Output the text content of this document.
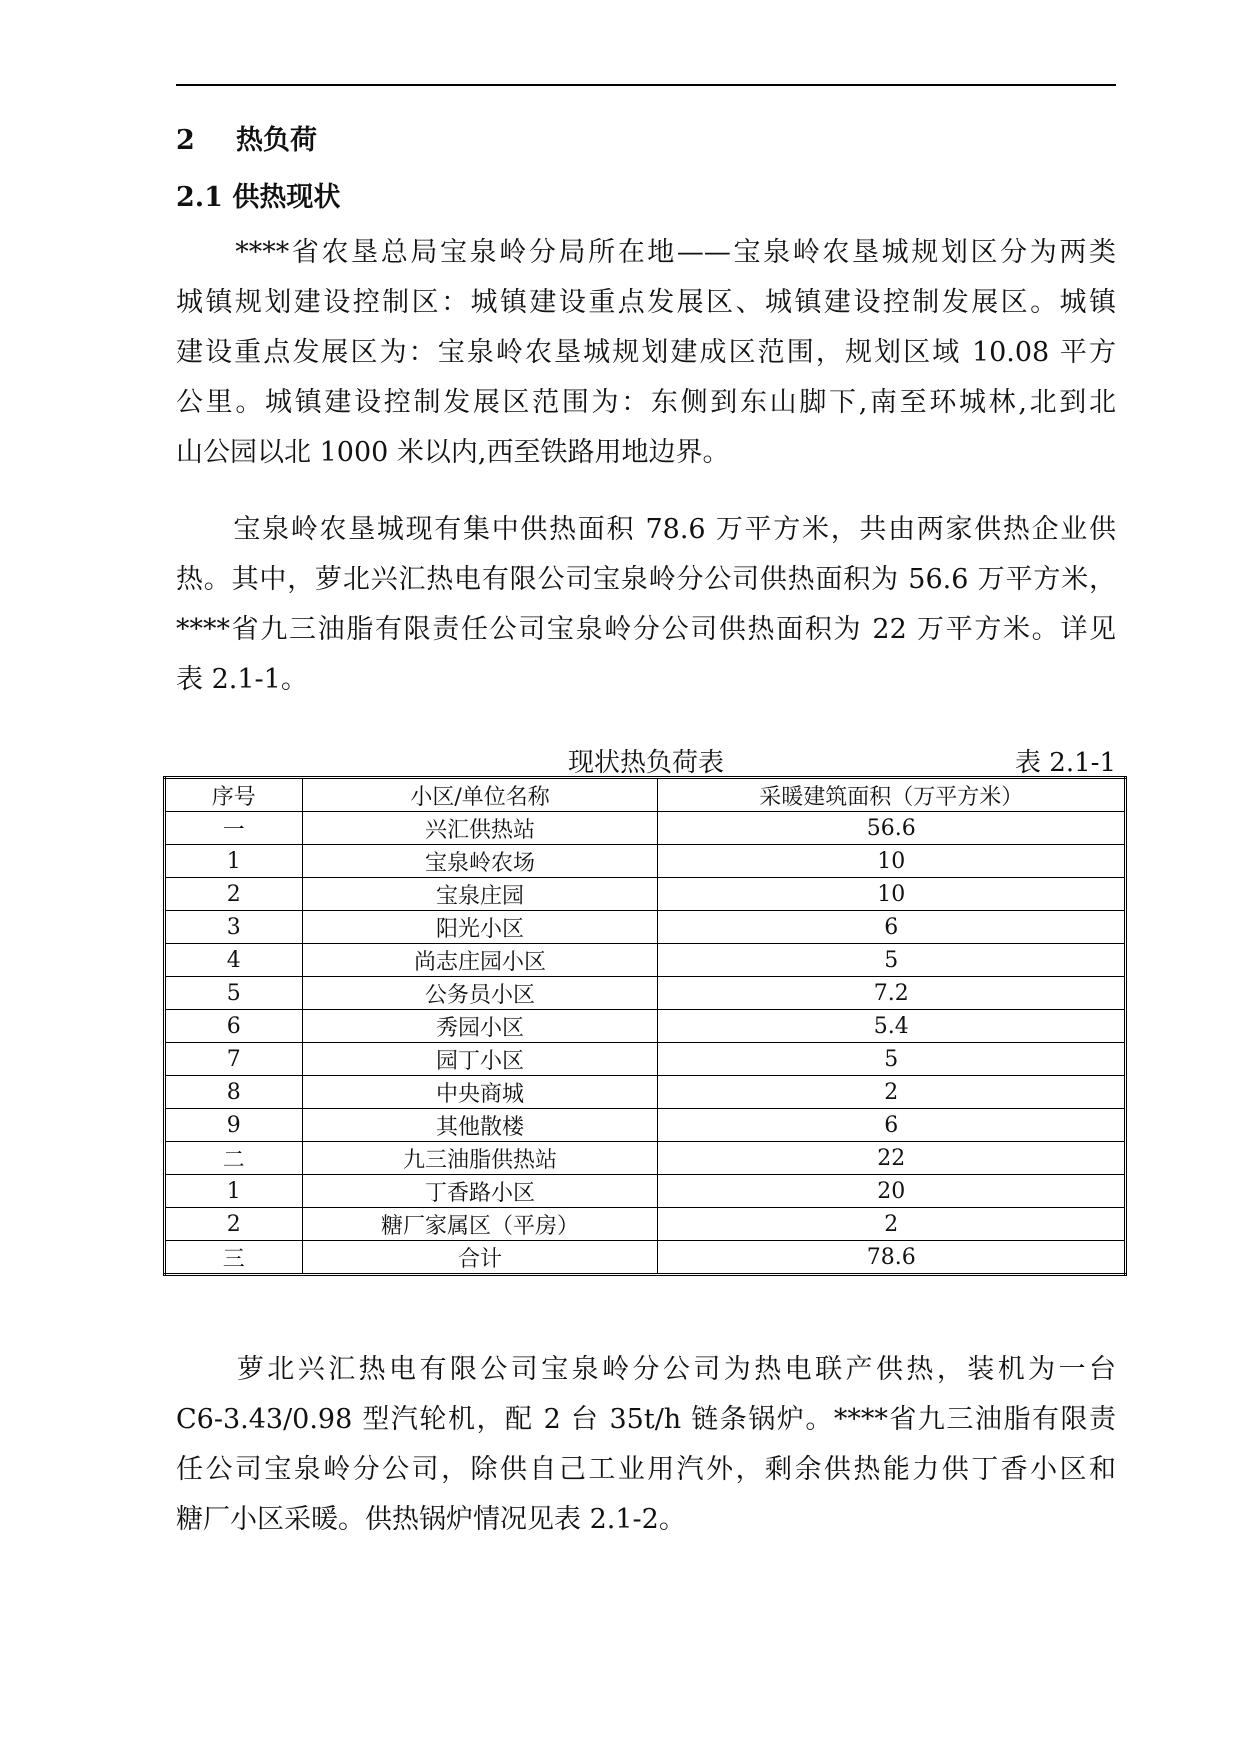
2 热负荷
2.1 供热现状

　　****省农垦总局宝泉岭分局所在地——宝泉岭农垦城规划区分为两类
城镇规划建设控制区：城镇建设重点发展区、城镇建设控制发展区。城镇
建设重点发展区为：宝泉岭农垦城规划建成区范围，规划区域 10.08 平方
公里。城镇建设控制发展区范围为：东侧到东山脚下,南至环城林,北到北
山公园以北 1000 米以内,西至铁路用地边界。

　　宝泉岭农垦城现有集中供热面积 78.6 万平方米，共由两家供热企业供
热。其中，萝北兴汇热电有限公司宝泉岭分公司供热面积为 56.6 万平方米，
****省九三油脂有限责任公司宝泉岭分公司供热面积为 22 万平方米。详见
表 2.1-1。

现状热负荷表	表 2.1-1
序号	小区/单位名称	采暖建筑面积（万平方米）
一	兴汇供热站	56.6
1	宝泉岭农场	10
2	宝泉庄园	10
3	阳光小区	6
4	尚志庄园小区	5
5	公务员小区	7.2
6	秀园小区	5.4
7	园丁小区	5
8	中央商城	2
9	其他散楼	6
二	九三油脂供热站	22
1	丁香路小区	20
2	糖厂家属区（平房）	2
三	合计	78.6

　　萝北兴汇热电有限公司宝泉岭分公司为热电联产供热，装机为一台
C6-3.43/0.98 型汽轮机，配 2 台 35t/h 链条锅炉。****省九三油脂有限责
任公司宝泉岭分公司，除供自己工业用汽外，剩余供热能力供丁香小区和
糖厂小区采暖。供热锅炉情况见表 2.1-2。
